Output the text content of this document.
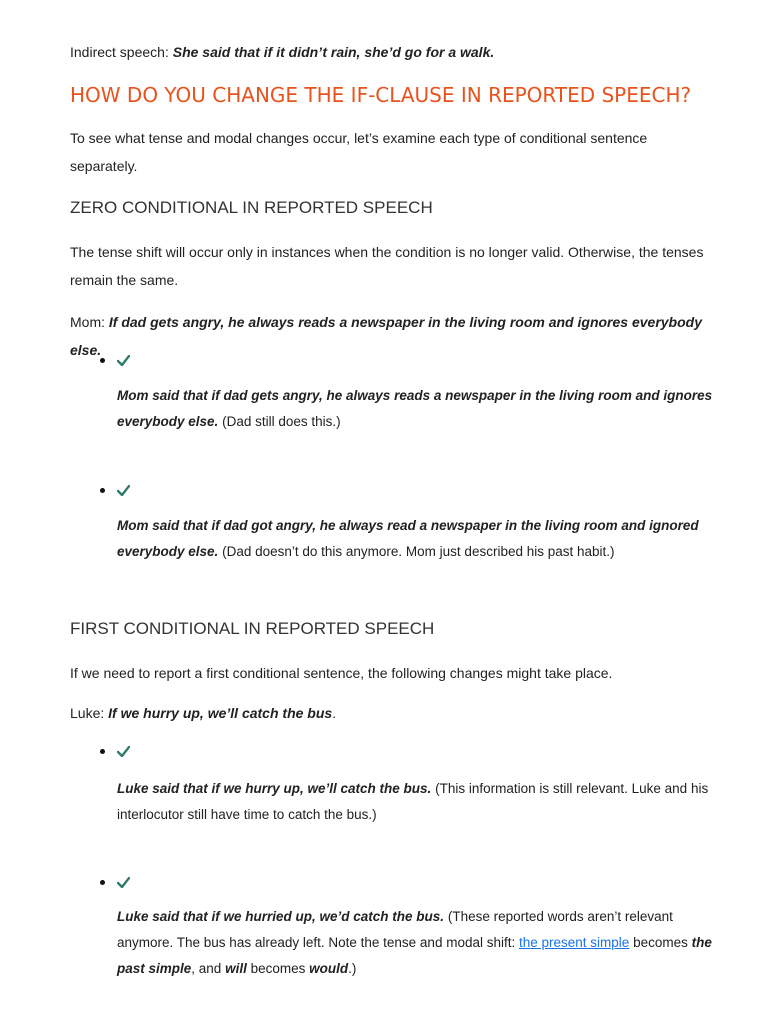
Indirect speech: She said that if it didn’t rain, she’d go for a walk.

HOW DO YOU CHANGE THE IF-CLAUSE IN REPORTED SPEECH?

To see what tense and modal changes occur, let’s examine each type of conditional sentence separately.

ZERO CONDITIONAL IN REPORTED SPEECH

The tense shift will occur only in instances when the condition is no longer valid. Otherwise, the tenses remain the same.

Mom: If dad gets angry, he always reads a newspaper in the living room and ignores everybody else.

Mom said that if dad gets angry, he always reads a newspaper in the living room and ignores everybody else. (Dad still does this.)
Mom said that if dad got angry, he always read a newspaper in the living room and ignored everybody else. (Dad doesn’t do this anymore. Mom just described his past habit.)
FIRST CONDITIONAL IN REPORTED SPEECH

If we need to report a first conditional sentence, the following changes might take place.

Luke: If we hurry up, we’ll catch the bus.

Luke said that if we hurry up, we’ll catch the bus. (This information is still relevant. Luke and his interlocutor still have time to catch the bus.)
Luke said that if we hurried up, we’d catch the bus. (These reported words aren’t relevant anymore. The bus has already left. Note the tense and modal shift: the present simple becomes the past simple, and will becomes would.)
